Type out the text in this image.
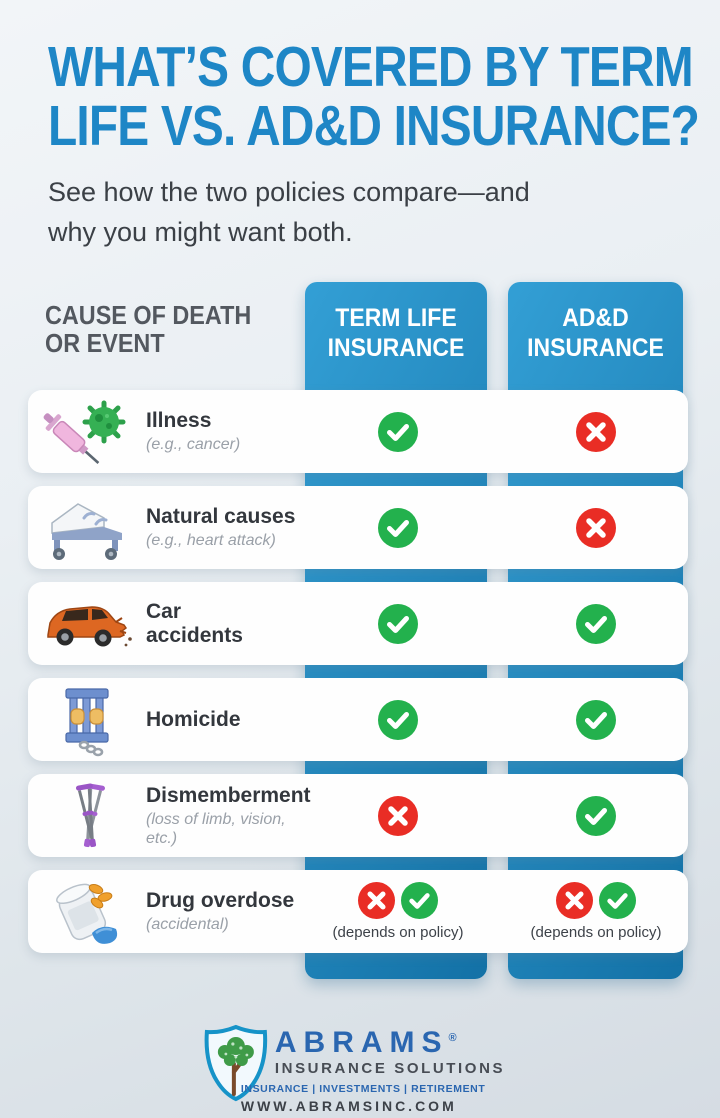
WHAT’S COVERED BY TERM
LIFE VS. AD&D INSURANCE?
See how the two policies compare—and
why you might want both.
CAUSE OF DEATH
OR EVENT
TERM LIFE
INSURANCE
AD&D
INSURANCE
Illness
(e.g., cancer)
Natural causes
(e.g., heart attack)
Car accidents
Homicide
Dismemberment
(loss of limb, vision, etc.)
Drug overdose
(accidental)	(depends on policy)	(depends on policy)
ABRAMS®
INSURANCE SOLUTIONS
INSURANCE | INVESTMENTS | RETIREMENT
WWW.ABRAMSINC.COM
